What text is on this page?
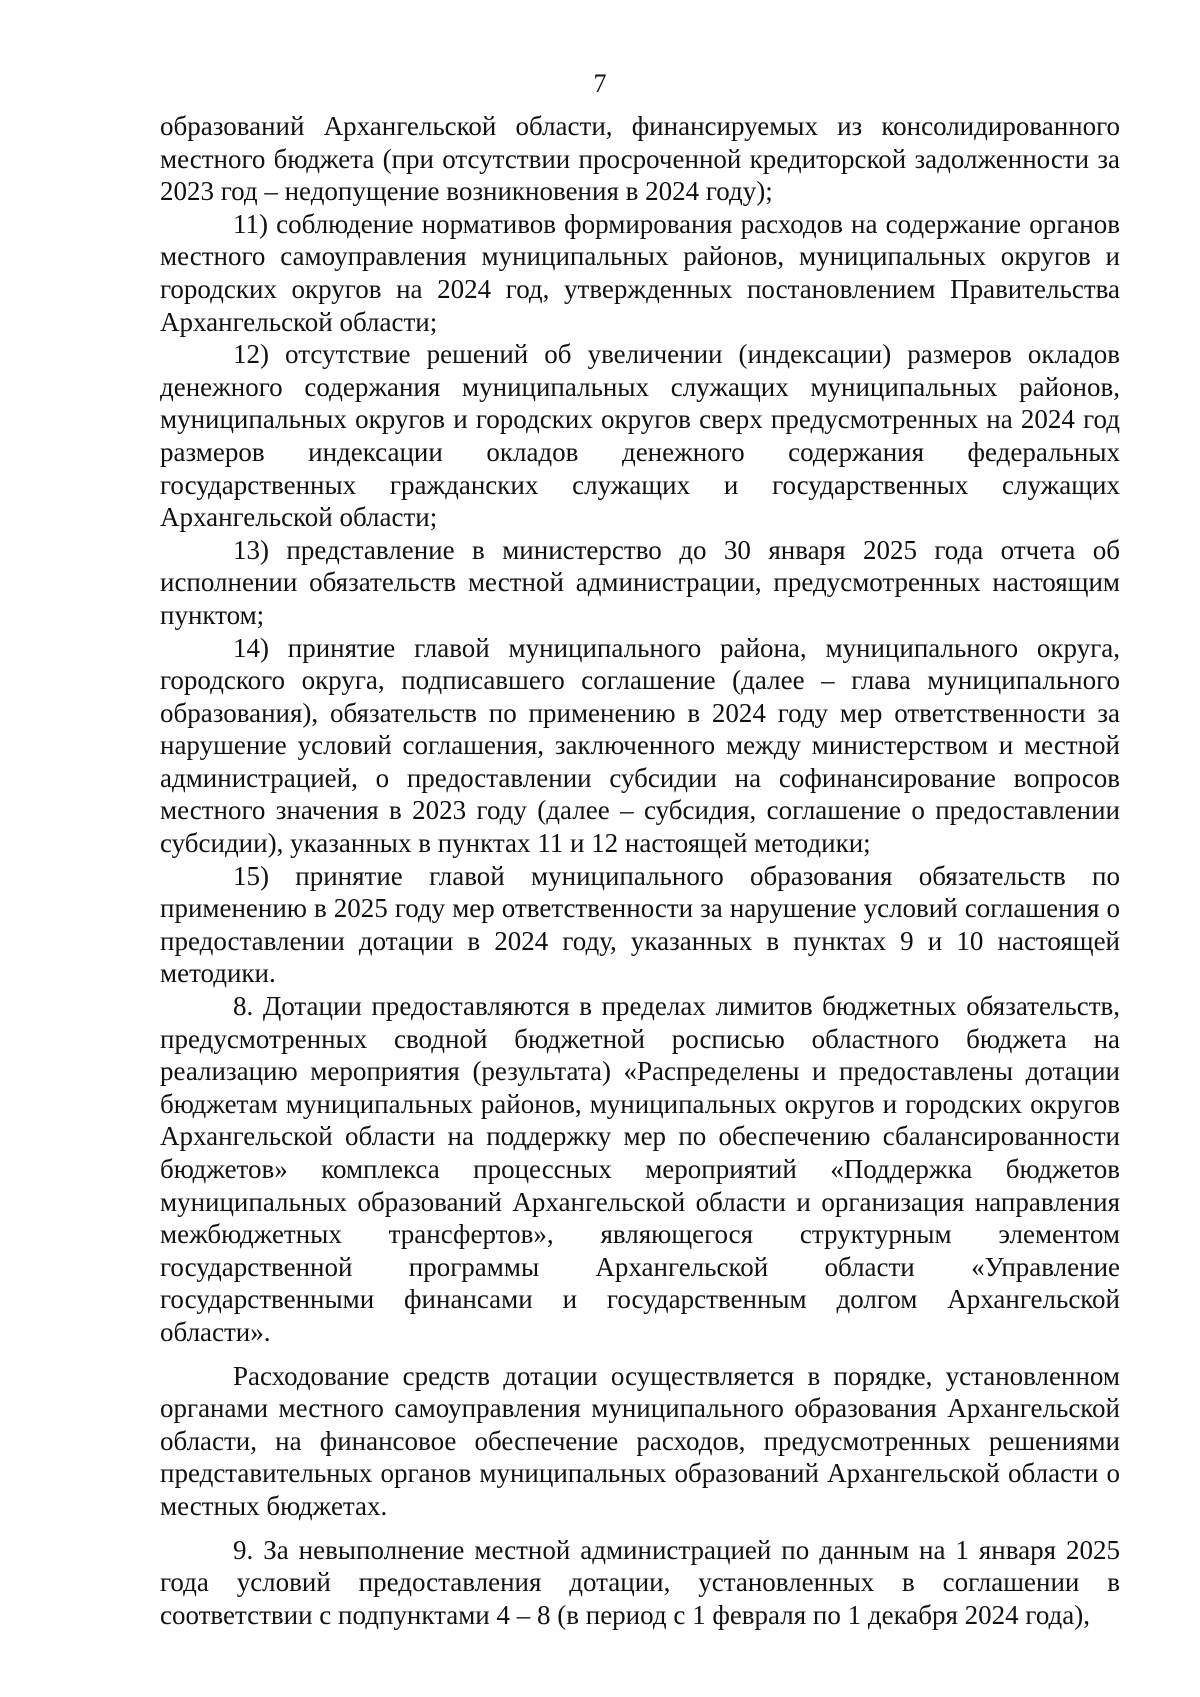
7

образований Архангельской области, финансируемых из консолидированного местного бюджета (при отсутствии просроченной кредиторской задолженности за 2023 год – недопущение возникновения в 2024 году);

11) соблюдение нормативов формирования расходов на содержание органов местного самоуправления муниципальных районов, муниципальных округов и городских округов на 2024 год, утвержденных постановлением Правительства Архангельской области;

12) отсутствие решений об увеличении (индексации) размеров окладов денежного содержания муниципальных служащих муниципальных районов, муниципальных округов и городских округов сверх предусмотренных на 2024 год размеров индексации окладов денежного содержания федеральных государственных гражданских служащих и государственных служащих Архангельской области;

13) представление в министерство до 30 января 2025 года отчета об исполнении обязательств местной администрации, предусмотренных настоящим пунктом;

14) принятие главой муниципального района, муниципального округа, городского округа, подписавшего соглашение (далее – глава муниципального образования), обязательств по применению в 2024 году мер ответственности за нарушение условий соглашения, заключенного между министерством и местной администрацией, о предоставлении субсидии на софинансирование вопросов местного значения в 2023 году (далее – субсидия, соглашение о предоставлении субсидии), указанных в пунктах 11 и 12 настоящей методики;

15) принятие главой муниципального образования обязательств по применению в 2025 году мер ответственности за нарушение условий соглашения о предоставлении дотации в 2024 году, указанных в пунктах 9 и 10 настоящей методики.

8. Дотации предоставляются в пределах лимитов бюджетных обязательств, предусмотренных сводной бюджетной росписью областного бюджета на реализацию мероприятия (результата) «Распределены и предоставлены дотации бюджетам муниципальных районов, муниципальных округов и городских округов Архангельской области на поддержку мер по обеспечению сбалансированности бюджетов» комплекса процессных мероприятий «Поддержка бюджетов муниципальных образований Архангельской области и организация направления межбюджетных трансфертов», являющегося структурным элементом государственной программы Архангельской области «Управление государственными финансами и государственным долгом Архангельской области».

Расходование средств дотации осуществляется в порядке, установленном органами местного самоуправления муниципального образования Архангельской области, на финансовое обеспечение расходов, предусмотренных решениями представительных органов муниципальных образований Архангельской области о местных бюджетах.

9. За невыполнение местной администрацией по данным на 1 января 2025 года условий предоставления дотации, установленных в соглашении в соответствии с подпунктами 4 – 8 (в период с 1 февраля по 1 декабря 2024 года),
